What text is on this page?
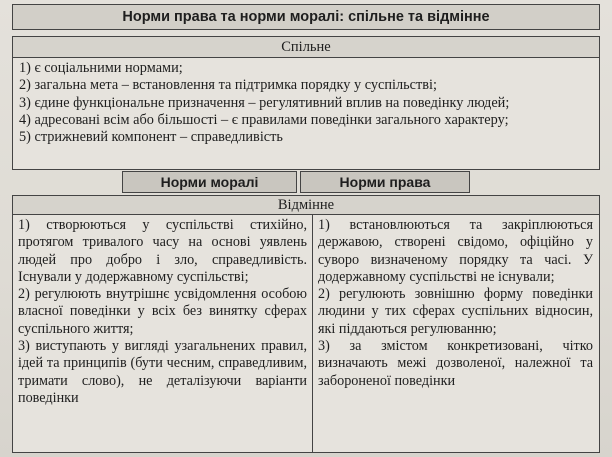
Норми права та норми моралі: спільне та відмінне
Спільне

1) є соціальними нормами;

2) загальна мета – встановлення та підтримка порядку у суспільстві;

3) єдине функціональне призначення – регулятивний вплив на поведінку людей;

4) адресовані всім або більшості – є правилами поведінки загального характеру;

5) стрижневий компонент – справедливість

Норми моралі	Норми права
Відмінне

1) створюються у суспільстві стихійно, протягом тривалого часу на основі уявлень людей про добро і зло, справедливість. Існували у додержавному суспільстві;

2) регулюють внутрішнє усвідомлення особою власної поведінки у всіх без винятку сферах суспільного життя;

3) виступають у вигляді узагальнених правил, ідей та принципів (бути чесним, справедливим, тримати слово), не деталізуючи варіанти поведінки

1) встановлюються та закріплюються державою, створені свідомо, офіційно у суворо визначеному порядку та часі. У додержавному суспільстві не існували;

2) регулюють зовнішню форму поведінки людини у тих сферах суспільних відносин, які піддаються регулюванню;

3) за змістом конкретизовані, чітко визначають межі дозволеної, належної та забороненої поведінки
